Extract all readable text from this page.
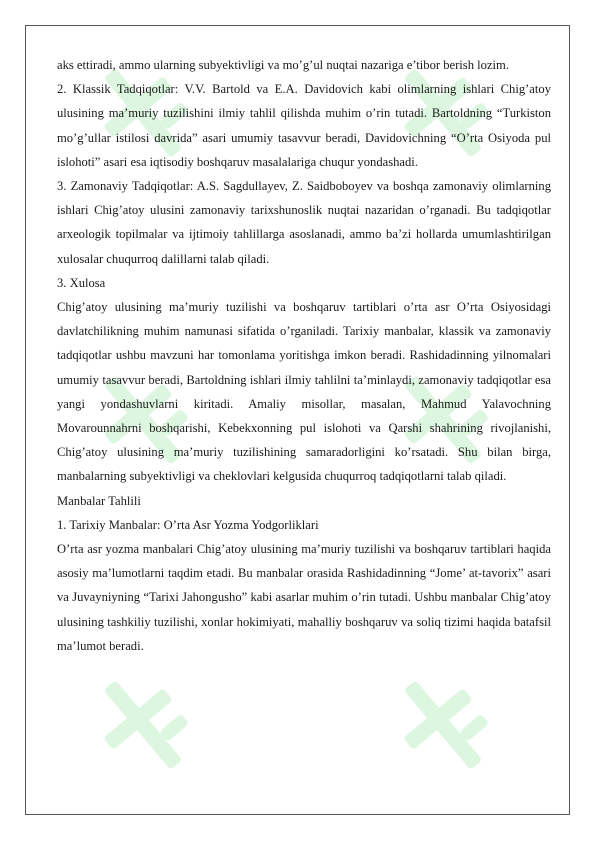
aks ettiradi, ammo ularning subyektivligi va mo’g’ul nuqtai nazariga e’tibor berish lozim.

2. Klassik Tadqiqotlar: V.V. Bartold va E.A. Davidovich kabi olimlarning ishlari Chig’atoy ulusining ma’muriy tuzilishini ilmiy tahlil qilishda muhim o’rin tutadi. Bartoldning “Turkiston mo’g’ullar istilosi davrida” asari umumiy tasavvur beradi, Davidovichning “O’rta Osiyoda pul islohoti” asari esa iqtisodiy boshqaruv masalalariga chuqur yondashadi.

3. Zamonaviy Tadqiqotlar: A.S. Sagdullayev, Z. Saidboboyev va boshqa zamonaviy olimlarning ishlari Chig’atoy ulusini zamonaviy tarixshunoslik nuqtai nazaridan o’rganadi. Bu tadqiqotlar arxeologik topilmalar va ijtimoiy tahlillarga asoslanadi, ammo ba’zi hollarda umumlashtirilgan xulosalar chuqurroq dalillarni talab qiladi.

3. Xulosa

Chig’atoy ulusining ma’muriy tuzilishi va boshqaruv tartiblari o’rta asr O’rta Osiyosidagi davlatchilikning muhim namunasi sifatida o’rganiladi. Tarixiy manbalar, klassik va zamonaviy tadqiqotlar ushbu mavzuni har tomonlama yoritishga imkon beradi. Rashidadinning yilnomalari umumiy tasavvur beradi, Bartoldning ishlari ilmiy tahlilni ta’minlaydi, zamonaviy tadqiqotlar esa yangi yondashuvlarni kiritadi. Amaliy misollar, masalan, Mahmud Yalavochning Movarounnahrni boshqarishi, Kebekxonning pul islohoti va Qarshi shahrining rivojlanishi, Chig’atoy ulusining ma’muriy tuzilishining samaradorligini ko’rsatadi. Shu bilan birga, manbalarning subyektivligi va cheklovlari kelgusida chuqurroq tadqiqotlarni talab qiladi.

Manbalar Tahlili

1. Tarixiy Manbalar: O’rta Asr Yozma Yodgorliklari

O’rta asr yozma manbalari Chig’atoy ulusining ma’muriy tuzilishi va boshqaruv tartiblari haqida asosiy ma’lumotlarni taqdim etadi. Bu manbalar orasida Rashidadinning “Jome’ at-tavorix” asari va Juvayniyning “Tarixi Jahongusho” kabi asarlar muhim o’rin tutadi. Ushbu manbalar Chig’atoy ulusining tashkiliy tuzilishi, xonlar hokimiyati, mahalliy boshqaruv va soliq tizimi haqida batafsil ma’lumot beradi.
